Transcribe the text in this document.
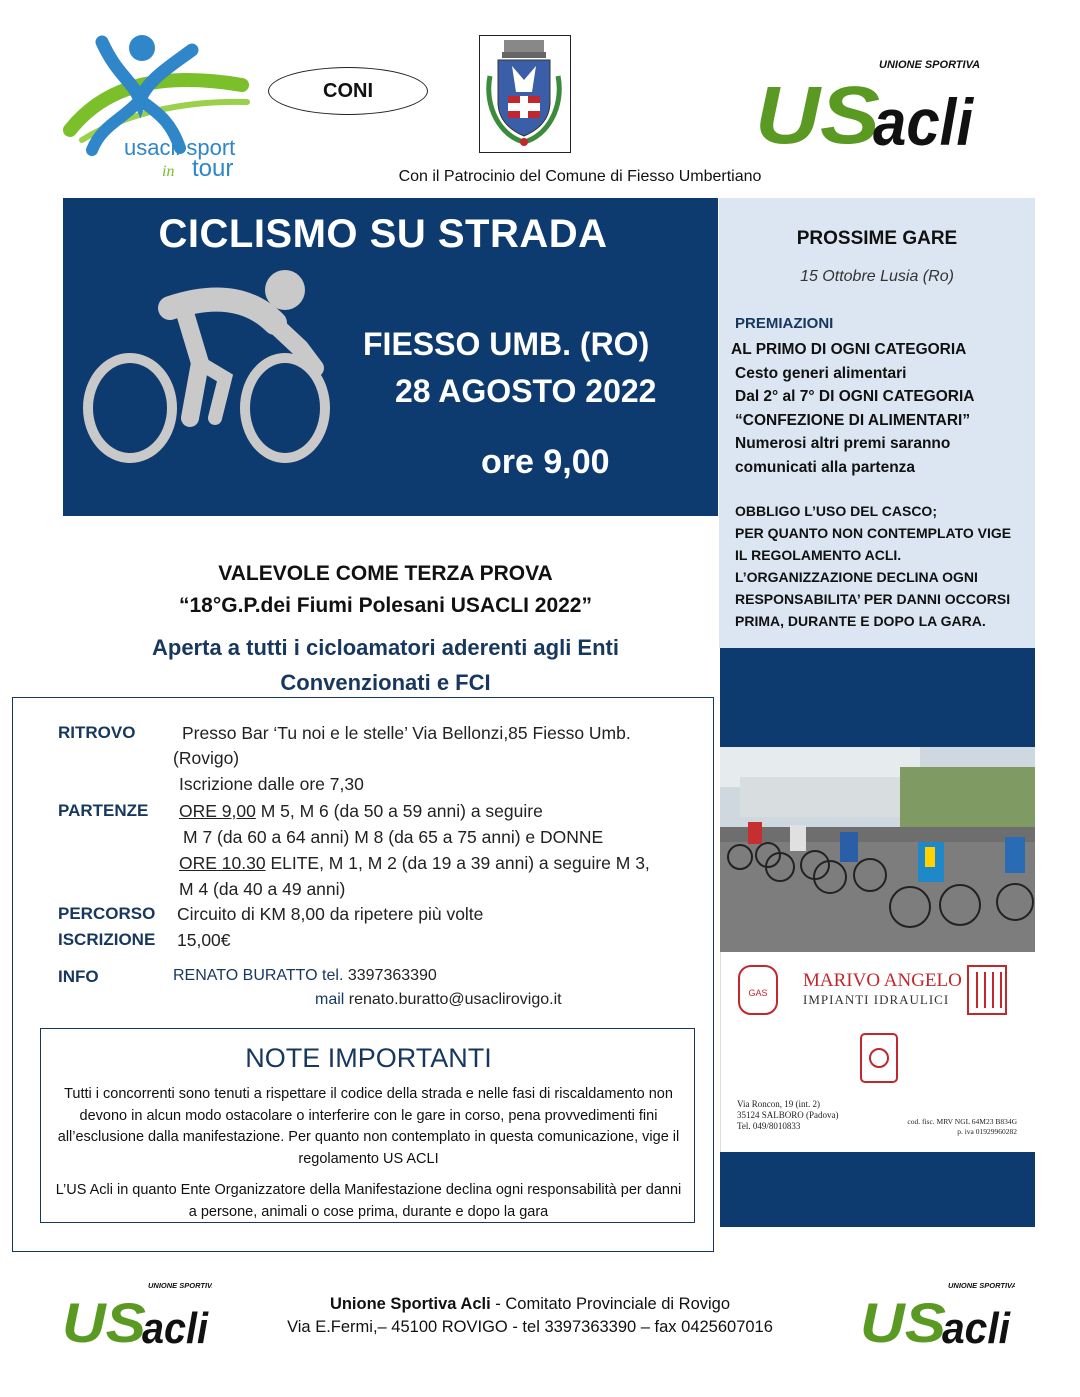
usacli sport
in tour
CONI
UNIONE SPORTIVA
US
acli
Con il Patrocinio del Comune di Fiesso Umbertiano
CICLISMO SU STRADA
FIESSO UMB. (RO)
28 AGOSTO 2022
ore 9,00
PROSSIME GARE
15 Ottobre Lusia (Ro)
PREMIAZIONI
AL PRIMO DI OGNI CATEGORIA
Cesto generi alimentari
Dal 2° al 7° DI OGNI CATEGORIA
“CONFEZIONE DI ALIMENTARI”
Numerosi altri premi saranno
comunicati alla partenza
OBBLIGO L’USO DEL CASCO;
PER QUANTO NON CONTEMPLATO VIGE
IL REGOLAMENTO ACLI.
L’ORGANIZZAZIONE DECLINA OGNI
RESPONSABILITA’ PER DANNI OCCORSI
PRIMA, DURANTE E DOPO LA GARA.
GAS
MARIVO ANGELO
IMPIANTI IDRAULICI
Via Roncon, 19 (int. 2)
35124 SALBORO (Padova)
Tel. 049/8010833	cod. fisc. MRV NGL 64M23 B834G
p. iva 01929960282
VALEVOLE COME TERZA PROVA
“18°G.P.dei Fiumi Polesani USACLI 2022”
Aperta a tutti i cicloamatori aderenti agli Enti
Convenzionati e FCI
RITROVO	Presso Bar ‘Tu noi e le stelle’ Via Bellonzi,85 Fiesso Umb.
(Rovigo)
Iscrizione dalle ore 7,30
PARTENZE ORE 9,00 M 5, M 6 (da 50 a 59 anni) a seguire
M 7 (da 60 a 64 anni) M 8 (da 65 a 75 anni) e DONNE
ORE 10.30 ELITE, M 1, M 2 (da 19 a 39 anni) a seguire M 3,
M 4 (da 40 a 49 anni)
PERCORSO Circuito di KM 8,00 da ripetere più volte
ISCRIZIONE 15,00€
INFO	RENATO BURATTO tel. 3397363390
mail renato.buratto@usaclirovigo.it
NOTE IMPORTANTI
Tutti i concorrenti sono tenuti a rispettare il codice della strada e nelle fasi di riscaldamento non devono in alcun modo ostacolare o interferire con le gare in corso, pena provvedimenti fini all’esclusione dalla manifestazione. Per quanto non contemplato in questa comunicazione, vige il regolamento US ACLI
L’US Acli in quanto Ente Organizzatore della Manifestazione declina ogni responsabilità per danni a persone, animali o cose prima, durante e dopo la gara
UNIONE SPORTIVA
US
acli	Unione Sportiva Acli - Comitato Provinciale di Rovigo
Via E.Fermi,– 45100 ROVIGO - tel 3397363390 – fax 0425607016
UNIONE SPORTIVA
US
acli
